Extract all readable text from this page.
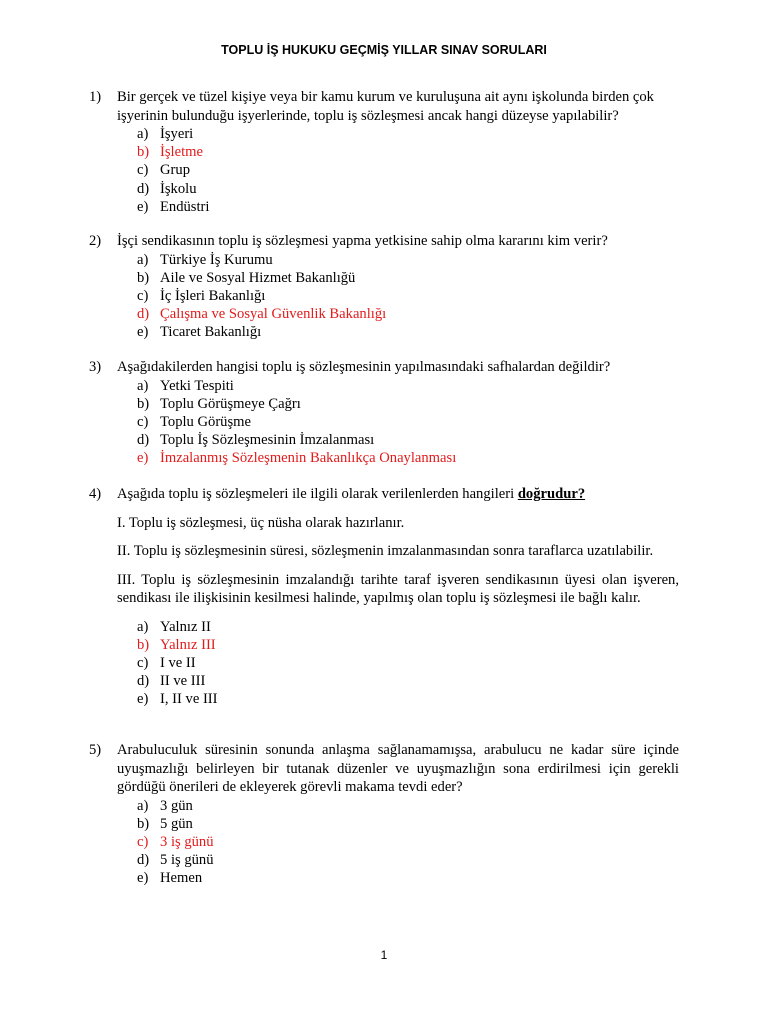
TOPLU İŞ HUKUKU GEÇMİŞ YILLAR SINAV SORULARI
1) Bir gerçek ve tüzel kişiye veya bir kamu kurum ve kuruluşuna ait aynı işkolunda birden çok işyerinin bulunduğu işyerlerinde, toplu iş sözleşmesi ancak hangi düzeyse yapılabilir?
a) İşyeri
b) İşletme
c) Grup
d) İşkolu
e) Endüstri
2) İşçi sendikasının toplu iş sözleşmesi yapma yetkisine sahip olma kararını kim verir?
a) Türkiye İş Kurumu
b) Aile ve Sosyal Hizmet Bakanlığü
c) İç İşleri Bakanlığı
d) Çalışma ve Sosyal Güvenlik Bakanlığı
e) Ticaret Bakanlığı
3) Aşağıdakilerden hangisi toplu iş sözleşmesinin yapılmasındaki safhalardan değildir?
a) Yetki Tespiti
b) Toplu Görüşmeye Çağrı
c) Toplu Görüşme
d) Toplu İş Sözleşmesinin İmzalanması
e) İmzalanmış Sözleşmenin Bakanlıkça Onaylanması
4) Aşağıda toplu iş sözleşmeleri ile ilgili olarak verilenlerden hangileri doğrudur?
I. Toplu iş sözleşmesi, üç nüsha olarak hazırlanır.
II. Toplu iş sözleşmesinin süresi, sözleşmenin imzalanmasından sonra taraflarca uzatılabilir.
III. Toplu iş sözleşmesinin imzalandığı tarihte taraf işveren sendikasının üyesi olan işveren, sendikası ile ilişkisinin kesilmesi halinde, yapılmış olan toplu iş sözleşmesi ile bağlı kalır.
a) Yalnız II
b) Yalnız III
c) I ve II
d) II ve III
e) I, II ve III
5) Arabuluculuk süresinin sonunda anlaşma sağlanamamışsa, arabulucu ne kadar süre içinde uyuşmazlığı belirleyen bir tutanak düzenler ve uyuşmazlığın sona erdirilmesi için gerekli gördüğü önerileri de ekleyerek görevli makama tevdi eder?
a) 3 gün
b) 5 gün
c) 3 iş günü
d) 5 iş günü
e) Hemen
1
